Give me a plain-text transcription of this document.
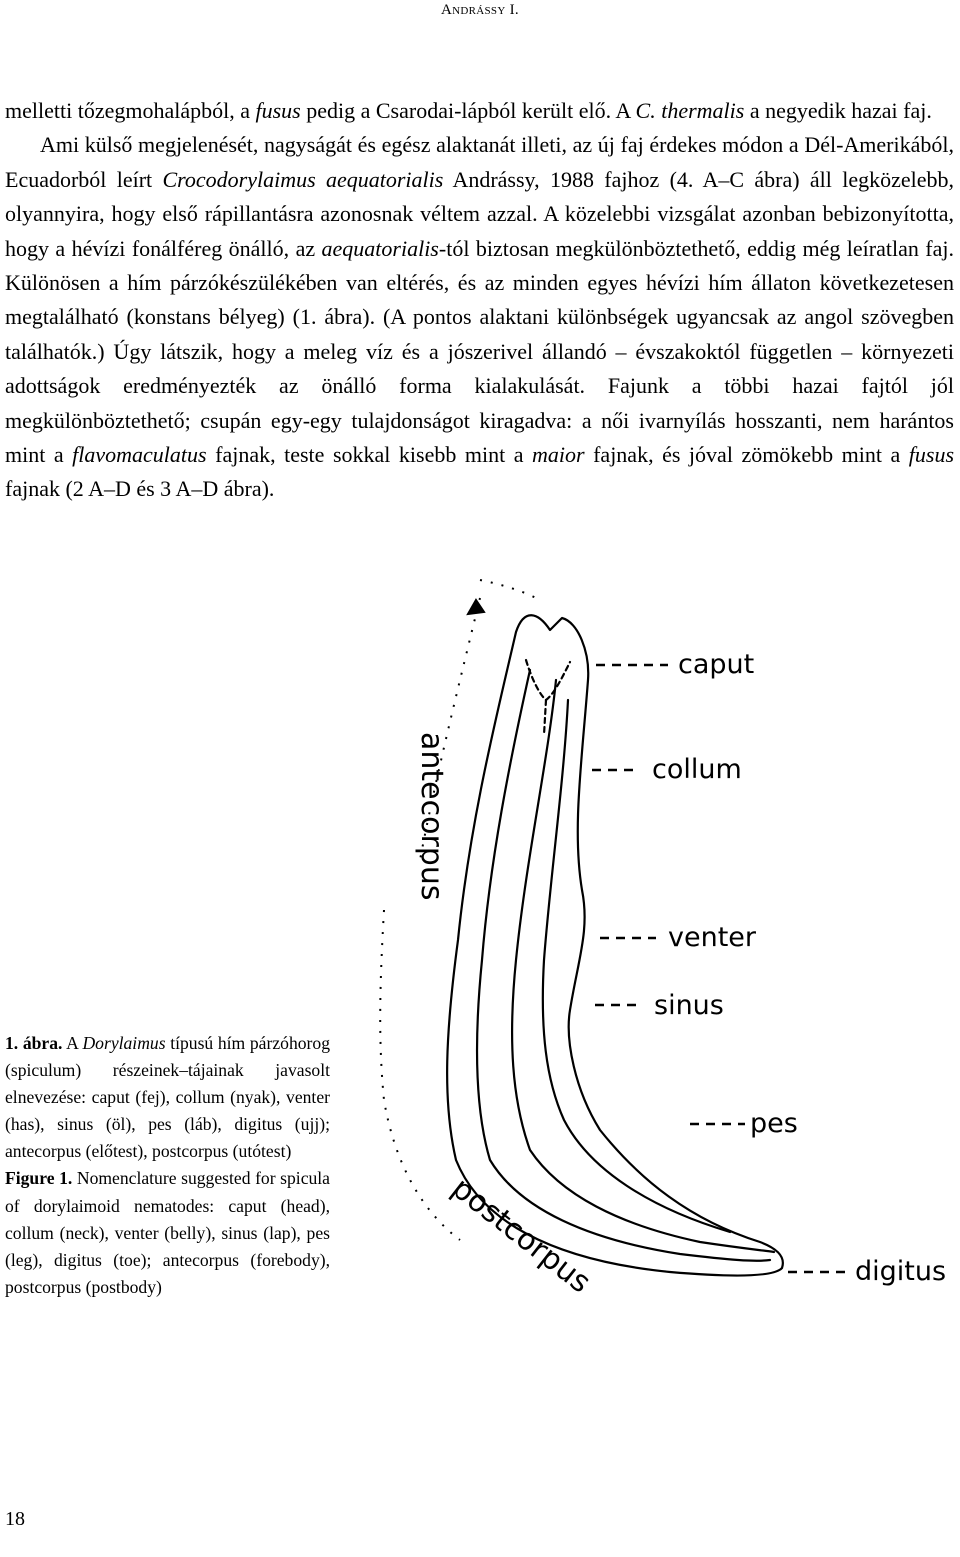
Andrássy I.

melletti tőzegmohalápból, a fusus pedig a Csarodai-lápból került elő. A C. thermalis a negyedik hazai faj.

Ami külső megjelenését, nagyságát és egész alaktanát illeti, az új faj érdekes módon a Dél-Amerikából, Ecuadorból leírt Crocodorylaimus aequatorialis Andrássy, 1988 fajhoz (4. A–C ábra) áll legközelebb, olyannyira, hogy első rápillantásra azonosnak véltem azzal. A közelebbi vizsgálat azonban bebizonyította, hogy a hévízi fonálféreg önálló, az aequatorialis-tól biztosan megkülönböztethető, eddig még leíratlan faj. Különösen a hím párzókészülékében van eltérés, és az minden egyes hévízi hím állaton következetesen megtalálható (konstans bélyeg) (1. ábra). (A pontos alaktani különbségek ugyancsak az angol szövegben találhatók.) Úgy látszik, hogy a meleg víz és a jószerivel állandó – évszakoktól független – környezeti adottságok eredményezték az önálló forma kialakulását. Fajunk a többi hazai fajtól jól megkülönböztethető; csupán egy-egy tulajdonságot kiragadva: a női ivarnyílás hosszanti, nem harántos mint a flavomaculatus fajnak, teste sokkal kisebb mint a maior fajnak, és jóval zömökebb mint a fusus fajnak (2 A–D és 3 A–D ábra).

caput
collum
venter
sinus
pes
digitus
antecorpus
postcorpus

1. ábra. A Dorylaimus típusú hím párzóhorog (spiculum) részeinek–tájainak javasolt elnevezése: caput (fej), collum (nyak), venter (has), sinus (öl), pes (láb), digitus (ujj); antecorpus (előtest), postcorpus (utótest)

Figure 1. Nomenclature suggested for spicula of dorylaimoid nematodes: caput (head), collum (neck), venter (belly), sinus (lap), pes (leg), digitus (toe); antecorpus (forebody), postcorpus (postbody)

18
